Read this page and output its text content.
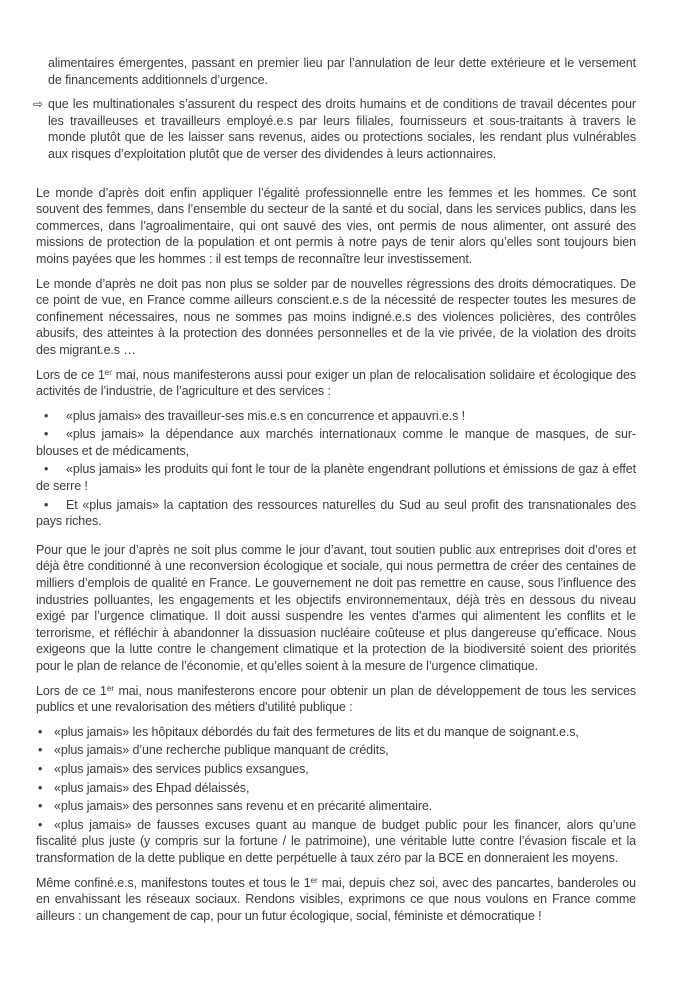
alimentaires émergentes, passant en premier lieu par l’annulation de leur dette extérieure et le versement de financements additionnels d’urgence.

⇨ que les multinationales s’assurent du respect des droits humains et de conditions de travail décentes pour les travailleuses et travailleurs employé.e.s par leurs filiales, fournisseurs et sous-traitants à travers le monde plutôt que de les laisser sans revenus, aides ou protections sociales, les rendant plus vulnérables aux risques d’exploitation plutôt que de verser des dividendes à leurs actionnaires.

Le monde d’après doit enfin appliquer l’égalité professionnelle entre les femmes et les hommes. Ce sont souvent des femmes, dans l’ensemble du secteur de la santé et du social, dans les services publics, dans les commerces, dans l’agroalimentaire, qui ont sauvé des vies, ont permis de nous alimenter, ont assuré des missions de protection de la population et ont permis à notre pays de tenir alors qu’elles sont toujours bien moins payées que les hommes : il est temps de reconnaître leur investissement.

Le monde d’après ne doit pas non plus se solder par de nouvelles régressions des droits démocratiques. De ce point de vue, en France comme ailleurs conscient.e.s de la nécessité de respecter toutes les mesures de confinement nécessaires, nous ne sommes pas moins indigné.e.s des violences policières, des contrôles abusifs, des atteintes à la protection des données personnelles et de la vie privée, de la violation des droits des migrant.e.s …

Lors de ce 1er mai, nous manifesterons aussi pour exiger un plan de relocalisation solidaire et écologique des activités de l’industrie, de l’agriculture et des services :

• «plus jamais» des travailleur-ses mis.e.s en concurrence et appauvri.e.s !
• «plus jamais» la dépendance aux marchés internationaux comme le manque de masques, de sur-blouses et de médicaments,
• «plus jamais» les produits qui font le tour de la planète engendrant pollutions et émissions de gaz à effet de serre !
• Et «plus jamais» la captation des ressources naturelles du Sud au seul profit des transnationales des pays riches.

Pour que le jour d’après ne soit plus comme le jour d’avant, tout soutien public aux entreprises doit d’ores et déjà être conditionné à une reconversion écologique et sociale, qui nous permettra de créer des centaines de milliers d’emplois de qualité en France. Le gouvernement ne doit pas remettre en cause, sous l’influence des industries polluantes, les engagements et les objectifs environnementaux, déjà très en dessous du niveau exigé par l’urgence climatique. Il doit aussi suspendre les ventes d’armes qui alimentent les conflits et le terrorisme, et réfléchir à abandonner la dissuasion nucléaire coûteuse et plus dangereuse qu’efficace. Nous exigeons que la lutte contre le changement climatique et la protection de la biodiversité soient des priorités pour le plan de relance de l’économie, et qu’elles soient à la mesure de l’urgence climatique.

Lors de ce 1er mai, nous manifesterons encore pour obtenir un plan de développement de tous les services publics et une revalorisation des métiers d'utilité publique :

• «plus jamais» les hôpitaux débordés du fait des fermetures de lits et du manque de soignant.e.s,
• «plus jamais» d’une recherche publique manquant de crédits,
• «plus jamais» des services publics exsangues,
• «plus jamais» des Ehpad délaissés,
• «plus jamais» des personnes sans revenu et en précarité alimentaire.
• «plus jamais» de fausses excuses quant au manque de budget public pour les financer, alors qu’une fiscalité plus juste (y compris sur la fortune / le patrimoine), une véritable lutte contre l’évasion fiscale et la transformation de la dette publique en dette perpétuelle à taux zéro par la BCE en donneraient les moyens.

Même confiné.e.s, manifestons toutes et tous le 1er mai, depuis chez soi, avec des pancartes, banderoles ou en envahissant les réseaux sociaux. Rendons visibles, exprimons ce que nous voulons en France comme ailleurs : un changement de cap, pour un futur écologique, social, féministe et démocratique !
